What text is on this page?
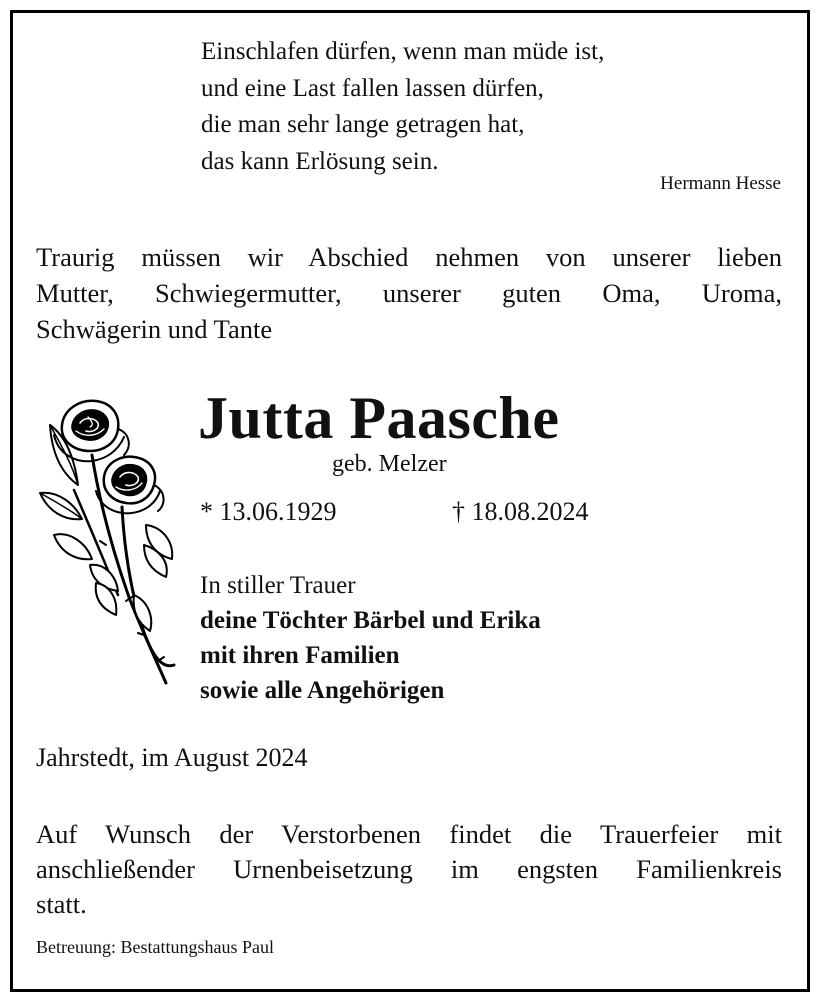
Einschlafen dürfen, wenn man müde ist,
und eine Last fallen lassen dürfen,
die man sehr lange getragen hat,
das kann Erlösung sein.
Hermann Hesse
Traurig müssen wir Abschied nehmen von unserer lieben
Mutter, Schwiegermutter, unserer guten Oma, Uroma,
Schwägerin und Tante
Jutta Paasche
geb. Melzer
* 13.06.1929	† 18.08.2024
In stiller Trauer
deine Töchter Bärbel und Erika
mit ihren Familien
sowie alle Angehörigen
Jahrstedt, im August 2024
Auf Wunsch der Verstorbenen findet die Trauerfeier mit
anschließender Urnenbeisetzung im engsten Familienkreis
statt.
Betreuung: Bestattungshaus Paul
